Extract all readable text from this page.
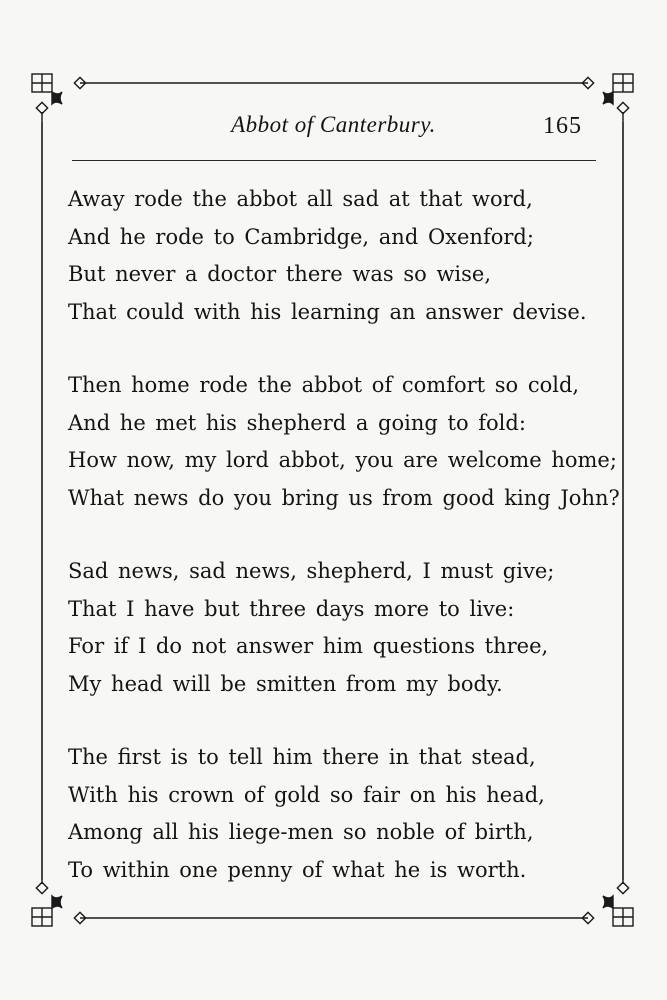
Abbot of Canterbury.	165
Away rode the abbot all sad at that word,
And he rode to Cambridge, and Oxenford;
But never a doctor there was so wise,
That could with his learning an answer devise.
Then home rode the abbot of comfort so cold,
And he met his shepherd a going to fold:
How now, my lord abbot, you are welcome home;
What news do you bring us from good king John?
Sad news, sad news, shepherd, I must give;
That I have but three days more to live:
For if I do not answer him questions three,
My head will be smitten from my body.
The first is to tell him there in that stead,
With his crown of gold so fair on his head,
Among all his liege-men so noble of birth,
To within one penny of what he is worth.
